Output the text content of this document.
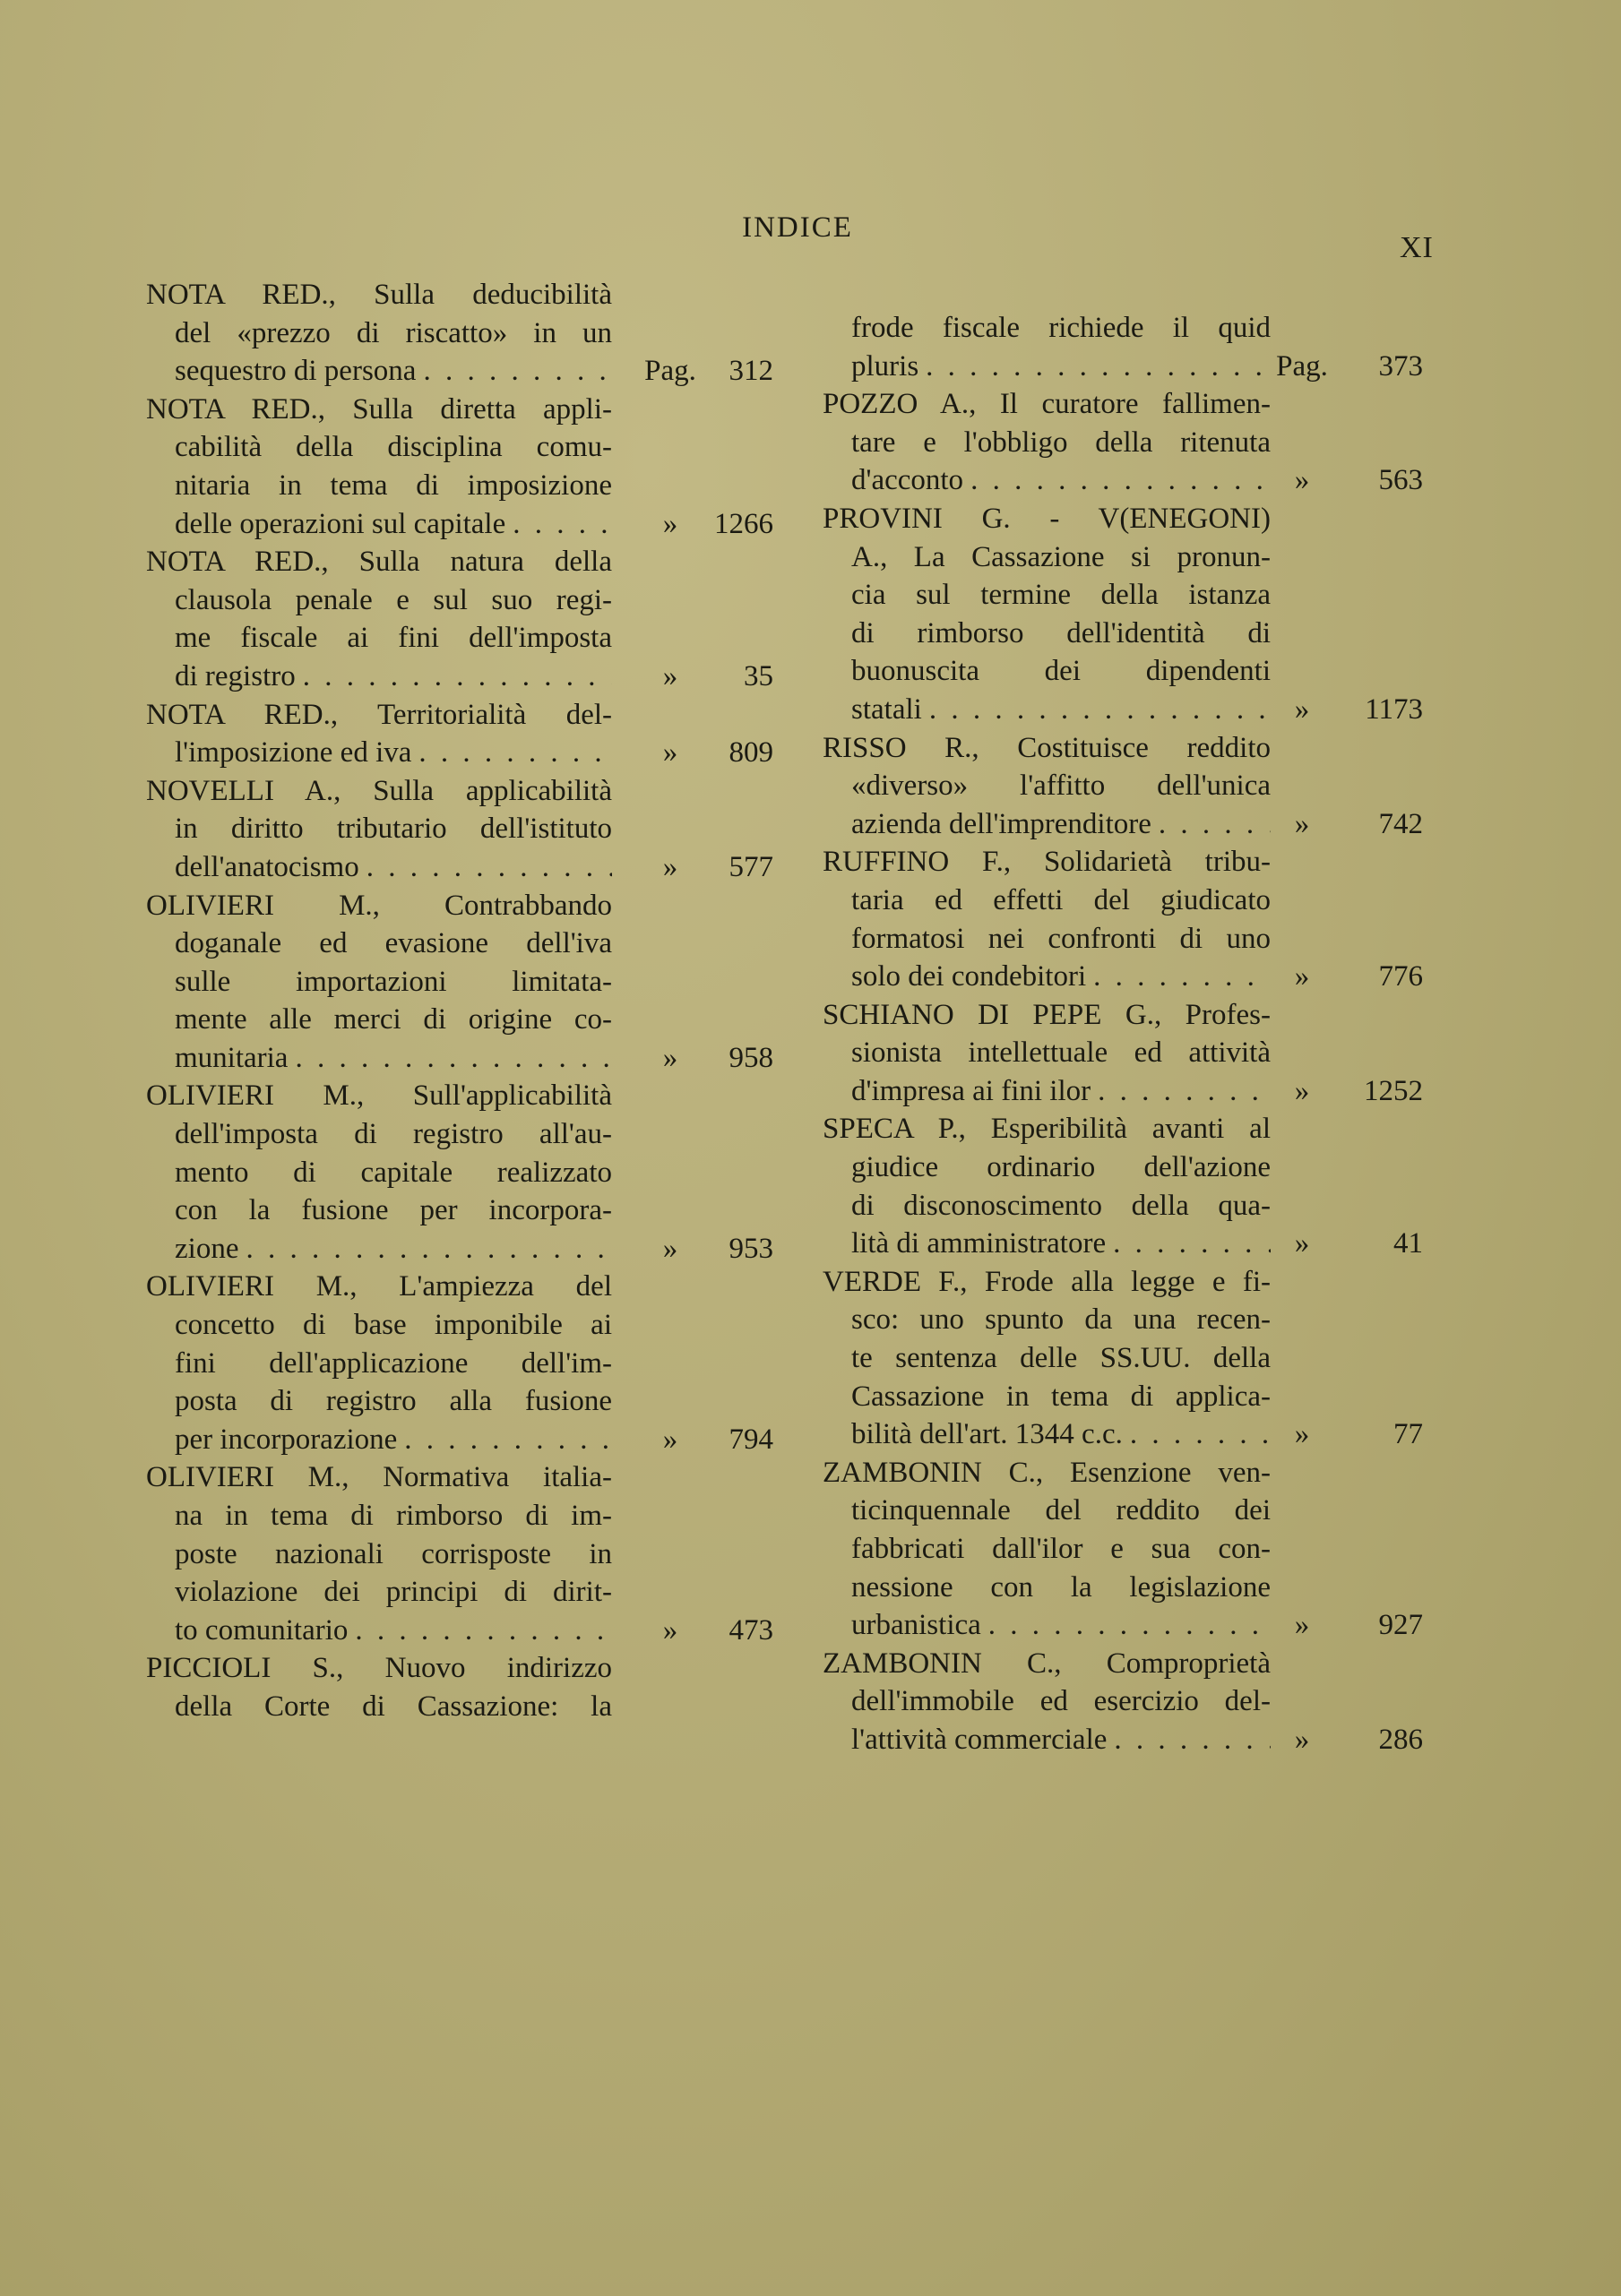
INDICE
XI
NOTA RED., Sulla deducibilità
del «prezzo di riscatto» in un
sequestro di persona . . .	Pag.	312
NOTA RED., Sulla diretta appli-
cabilità della disciplina comu-
nitaria in tema di imposizione
delle operazioni sul capitale . . .	»	1266
NOTA RED., Sulla natura della
clausola penale e sul suo regi-
me fiscale ai fini dell'imposta
di registro . . .	»	35
NOTA RED., Territorialità del-
l'imposizione ed iva . . .	»	809
NOVELLI A., Sulla applicabilità
in diritto tributario dell'istituto
dell'anatocismo . . .	»	577
OLIVIERI M., Contrabbando
doganale ed evasione dell'iva
sulle importazioni limitata-
mente alle merci di origine co-
munitaria . . .	»	958
OLIVIERI M., Sull'applicabilità
dell'imposta di registro all'au-
mento di capitale realizzato
con la fusione per incorpora-
zione . . .	»	953
OLIVIERI M., L'ampiezza del
concetto di base imponibile ai
fini dell'applicazione dell'im-
posta di registro alla fusione
per incorporazione . . .	»	794
OLIVIERI M., Normativa italia-
na in tema di rimborso di im-
poste nazionali corrisposte in
violazione dei principi di dirit-
to comunitario . . .	»	473
PICCIOLI S., Nuovo indirizzo
della Corte di Cassazione: la
frode fiscale richiede il quid
pluris . . .	Pag.	373
POZZO A., Il curatore fallimen-
tare e l'obbligo della ritenuta
d'acconto . . .	»	563
PROVINI G. - V(ENEGONI)
A., La Cassazione si pronun-
cia sul termine della istanza
di rimborso dell'identità di
buonuscita dei dipendenti
statali . . .	»	1173
RISSO R., Costituisce reddito
«diverso» l'affitto dell'unica
azienda dell'imprenditore . . .	»	742
RUFFINO F., Solidarietà tribu-
taria ed effetti del giudicato
formatosi nei confronti di uno
solo dei condebitori . . .	»	776
SCHIANO DI PEPE G., Profes-
sionista intellettuale ed attività
d'impresa ai fini ilor . . .	»	1252
SPECA P., Esperibilità avanti al
giudice ordinario dell'azione
di disconoscimento della qua-
lità di amministratore . . .	»	41
VERDE F., Frode alla legge e fi-
sco: uno spunto da una recen-
te sentenza delle SS.UU. della
Cassazione in tema di applica-
bilità dell'art. 1344 c.c. . . .	»	77
ZAMBONIN C., Esenzione ven-
ticinquennale del reddito dei
fabbricati dall'ilor e sua con-
nessione con la legislazione
urbanistica . . .	»	927
ZAMBONIN C., Comproprietà
dell'immobile ed esercizio del-
l'attività commerciale . . .	»	286
